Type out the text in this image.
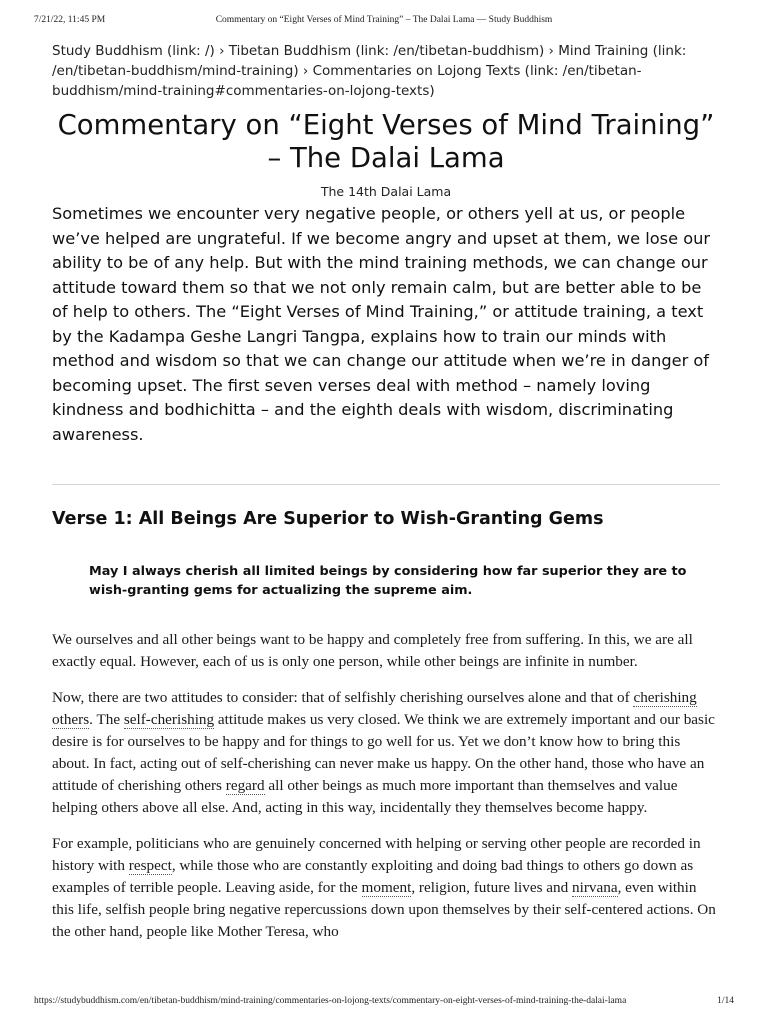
7/21/22, 11:45 PM	Commentary on “Eight Verses of Mind Training” – The Dalai Lama — Study Buddhism
Study Buddhism (link: /) › Tibetan Buddhism (link: /en/tibetan-buddhism) › Mind Training (link: /en/tibetan-buddhism/mind-training) › Commentaries on Lojong Texts (link: /en/tibetan-buddhism/mind-training#commentaries-on-lojong-texts)
Commentary on “Eight Verses of Mind Training” – The Dalai Lama
The 14th Dalai Lama

Sometimes we encounter very negative people, or others yell at us, or people we’ve helped are ungrateful. If we become angry and upset at them, we lose our ability to be of any help. But with the mind training methods, we can change our attitude toward them so that we not only remain calm, but are better able to be of help to others. The “Eight Verses of Mind Training,” or attitude training, a text by the Kadampa Geshe Langri Tangpa, explains how to train our minds with method and wisdom so that we can change our attitude when we’re in danger of becoming upset. The first seven verses deal with method – namely loving kindness and bodhichitta – and the eighth deals with wisdom, discriminating awareness.

Verse 1: All Beings Are Superior to Wish-Granting Gems

May I always cherish all limited beings by considering how far superior they are to wish-granting gems for actualizing the supreme aim.

We ourselves and all other beings want to be happy and completely free from suffering. In this, we are all exactly equal. However, each of us is only one person, while other beings are infinite in number.

Now, there are two attitudes to consider: that of selfishly cherishing ourselves alone and that of cherishing others. The self-cherishing attitude makes us very closed. We think we are extremely important and our basic desire is for ourselves to be happy and for things to go well for us. Yet we don’t know how to bring this about. In fact, acting out of self-cherishing can never make us happy. On the other hand, those who have an attitude of cherishing others regard all other beings as much more important than themselves and value helping others above all else. And, acting in this way, incidentally they themselves become happy.

For example, politicians who are genuinely concerned with helping or serving other people are recorded in history with respect, while those who are constantly exploiting and doing bad things to others go down as examples of terrible people. Leaving aside, for the moment, religion, future lives and nirvana, even within this life, selfish people bring negative repercussions down upon themselves by their self-centered actions. On the other hand, people like Mother Teresa, who

https://studybuddhism.com/en/tibetan-buddhism/mind-training/commentaries-on-lojong-texts/commentary-on-eight-verses-of-mind-training-the-dalai-lama	1/14
